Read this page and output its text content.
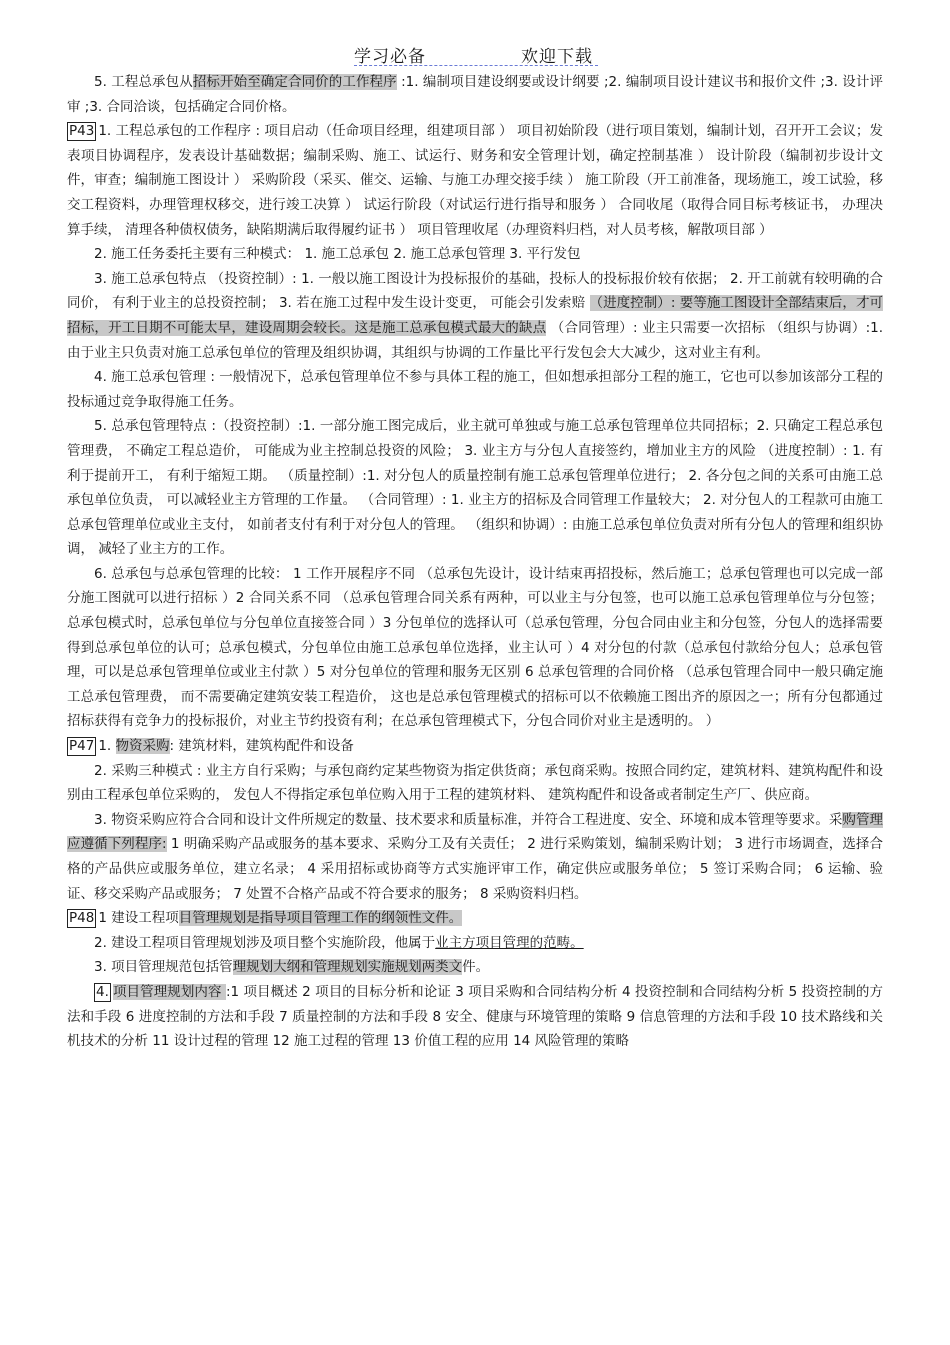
学习必备	欢迎下载

5. 工程总承包从招标开始至确定合同价的工作程序 :1. 编制项目建设纲要或设计纲要 ;2. 编制项目设计建议书和报价文件 ;3. 设计评审 ;3. 合同洽谈，包括确定合同价格。

P43 1. 工程总承包的工作程序 : 项目启动（任命项目经理，组建项目部 ） 项目初始阶段（进行项目策划，编制计划，召开开工会议；发表项目协调程序，发表设计基础数据；编制采购、施工、试运行、财务和安全管理计划，确定控制基准 ） 设计阶段（编制初步设计文件，审查；编制施工图设计 ） 采购阶段（采买、催交、运输、与施工办理交接手续 ） 施工阶段（开工前准备，现场施工，竣工试验，移交工程资料，办理管理权移交，进行竣工决算 ） 试运行阶段（对试运行进行指导和服务 ） 合同收尾（取得合同目标考核证书， 办理决算手续， 清理各种债权债务，缺陷期满后取得履约证书 ） 项目管理收尾（办理资料归档，对人员考核，解散项目部 ）

2. 施工任务委托主要有三种模式： 1. 施工总承包 2. 施工总承包管理 3. 平行发包

3. 施工总承包特点 （投资控制）: 1. 一般以施工图设计为投标报价的基础，投标人的投标报价较有依据； 2. 开工前就有较明确的合同价， 有利于业主的总投资控制； 3. 若在施工过程中发生设计变更， 可能会引发索赔 （进度控制）: 要等施工图设计全部结束后，才可招标，开工日期不可能太早，建设周期会较长。这是施工总承包模式最大的缺点 （合同管理）: 业主只需要一次招标 （组织与协调）:1. 由于业主只负责对施工总承包单位的管理及组织协调，其组织与协调的工作量比平行发包会大大减少，这对业主有利。

4. 施工总承包管理 : 一般情况下，总承包管理单位不参与具体工程的施工，但如想承担部分工程的施工，它也可以参加该部分工程的投标通过竞争取得施工任务。

5. 总承包管理特点 :（投资控制）:1. 一部分施工图完成后，业主就可单独或与施工总承包管理单位共同招标；2. 只确定工程总承包管理费， 不确定工程总造价， 可能成为业主控制总投资的风险； 3. 业主方与分包人直接签约，增加业主方的风险 （进度控制）: 1. 有利于提前开工， 有利于缩短工期。 （质量控制）:1. 对分包人的质量控制有施工总承包管理单位进行； 2. 各分包之间的关系可由施工总承包单位负责， 可以减轻业主方管理的工作量。 （合同管理）: 1. 业主方的招标及合同管理工作量较大； 2. 对分包人的工程款可由施工总承包管理单位或业主支付， 如前者支付有利于对分包人的管理。 （组织和协调）: 由施工总承包单位负责对所有分包人的管理和组织协调， 减轻了业主方的工作。

6. 总承包与总承包管理的比较： 1 工作开展程序不同 （总承包先设计，设计结束再招投标，然后施工；总承包管理也可以完成一部分施工图就可以进行招标 ）2 合同关系不同 （总承包管理合同关系有两种，可以业主与分包签，也可以施工总承包管理单位与分包签；总承包模式时，总承包单位与分包单位直接签合同 ）3 分包单位的选择认可（总承包管理，分包合同由业主和分包签，分包人的选择需要得到总承包单位的认可；总承包模式，分包单位由施工总承包单位选择，业主认可 ）4 对分包的付款（总承包付款给分包人；总承包管理，可以是总承包管理单位或业主付款 ）5 对分包单位的管理和服务无区别 6 总承包管理的合同价格 （总承包管理合同中一般只确定施工总承包管理费， 而不需要确定建筑安装工程造价， 这也是总承包管理模式的招标可以不依赖施工图出齐的原因之一；所有分包都通过招标获得有竞争力的投标报价，对业主节约投资有利；在总承包管理模式下，分包合同价对业主是透明的。 ）

P47 1. 物资采购: 建筑材料，建筑构配件和设备

2. 采购三种模式 : 业主方自行采购；与承包商约定某些物资为指定供货商；承包商采购。按照合同约定，建筑材料、建筑构配件和设别由工程承包单位采购的， 发包人不得指定承包单位购入用于工程的建筑材料、 建筑构配件和设备或者制定生产厂、供应商。

3. 物资采购应符合合同和设计文件所规定的数量、技术要求和质量标准，并符合工程进度、安全、环境和成本管理等要求。采购管理应遵循下列程序: 1 明确采购产品或服务的基本要求、采购分工及有关责任； 2 进行采购策划，编制采购计划； 3 进行市场调查，选择合格的产品供应或服务单位，建立名录； 4 采用招标或协商等方式实施评审工作，确定供应或服务单位； 5 签订采购合同； 6 运输、验证、移交采购产品或服务； 7 处置不合格产品或不符合要求的服务； 8 采购资料归档。

P48 1 建设工程项目管理规划是指导项目管理工作的纲领性文件。

2. 建设工程项目管理规划涉及项目整个实施阶段，他属于业主方项目管理的范畴。

3. 项目管理规范包括管理规划大纲和管理规划实施规划两类文件。

4. 项目管理规划内容 :1 项目概述 2 项目的目标分析和论证 3 项目采购和合同结构分析 4 投资控制和合同结构分析 5 投资控制的方法和手段 6 进度控制的方法和手段 7 质量控制的方法和手段 8 安全、健康与环境管理的策略 9 信息管理的方法和手段 10 技术路线和关机技术的分析 11 设计过程的管理 12 施工过程的管理 13 价值工程的应用 14 风险管理的策略
